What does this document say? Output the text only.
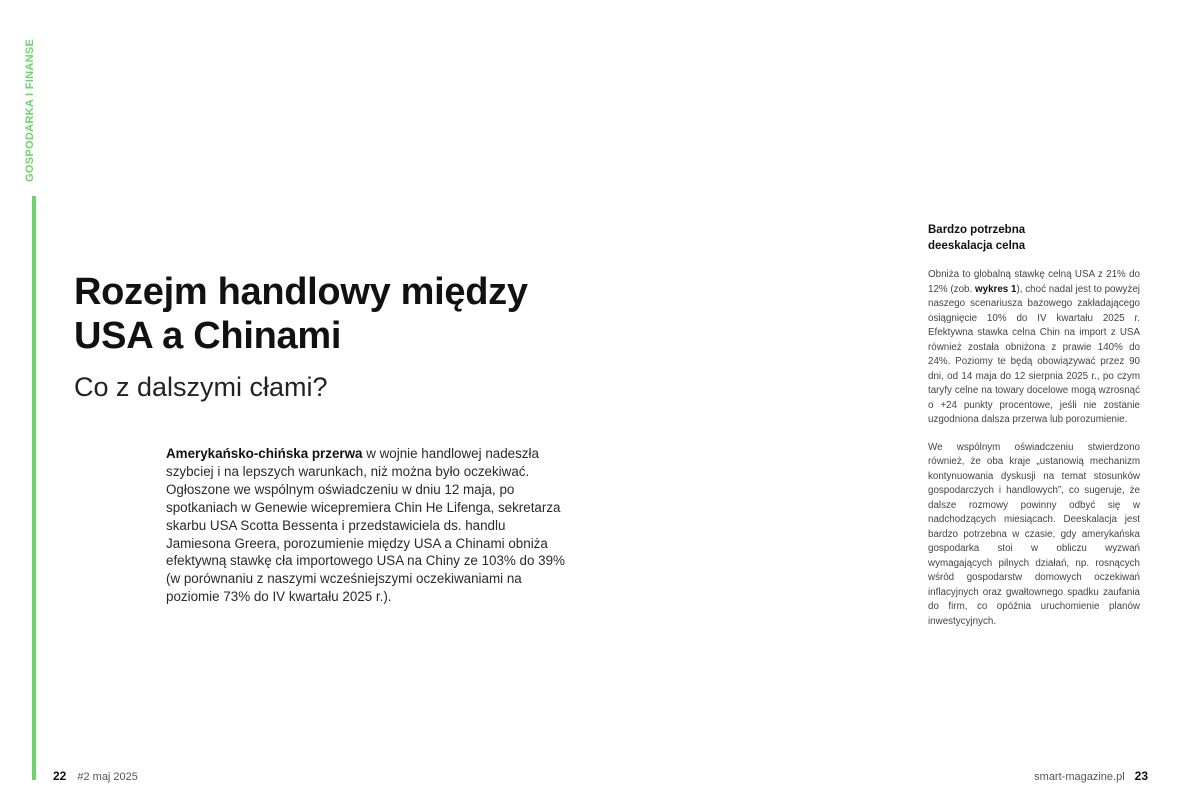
GOSPODARKA I FINANSE
Rozejm handlowy między
USA a Chinami
Co z dalszymi cłami?

Amerykańsko-chińska przerwa w wojnie handlowej nadeszła szybciej i na lepszych warunkach, niż można było oczekiwać. Ogłoszone we wspólnym oświadczeniu w dniu 12 maja, po spotkaniach w Genewie wicepremiera Chin He Lifenga, sekretarza skarbu USA Scotta Bessenta i przedstawiciela ds. handlu Jamiesona Greera, porozumienie między USA a Chinami obniża efektywną stawkę cła importowego USA na Chiny ze 103% do 39% (w porównaniu z naszymi wcześniejszymi oczekiwaniami na poziomie 73% do IV kwartału 2025 r.).

Bardzo potrzebna
deeskalacja celna

Obniża to globalną stawkę celną USA z 21% do 12% (zob. wykres 1), choć nadal jest to powyżej naszego scenariusza bazowego zakładającego osiągnięcie 10% do IV kwartału 2025 r. Efektywna stawka celna Chin na import z USA również została obniżona z prawie 140% do 24%. Poziomy te będą obowiązywać przez 90 dni, od 14 maja do 12 sierpnia 2025 r., po czym taryfy celne na towary docelowe mogą wzrosnąć o +24 punkty procentowe, jeśli nie zostanie uzgodniona dalsza przerwa lub porozumienie.

We wspólnym oświadczeniu stwierdzono również, że oba kraje „ustanowią mechanizm kontynuowania dyskusji na temat stosunków gospodarczych i handlowych”, co sugeruje, że dalsze rozmowy powinny odbyć się w nadchodzących miesiącach. Deeskalacja jest bardzo potrzebna w czasie, gdy amerykańska gospodarka stoi w obliczu wyzwań wymagających pilnych działań, np. rosnących wśród gospodarstw domowych oczekiwań inflacyjnych oraz gwałtownego spadku zaufania do firm, co opóźnia uruchomienie planów inwestycyjnych.

22 #2 maj 2025	smart-magazine.pl 23
